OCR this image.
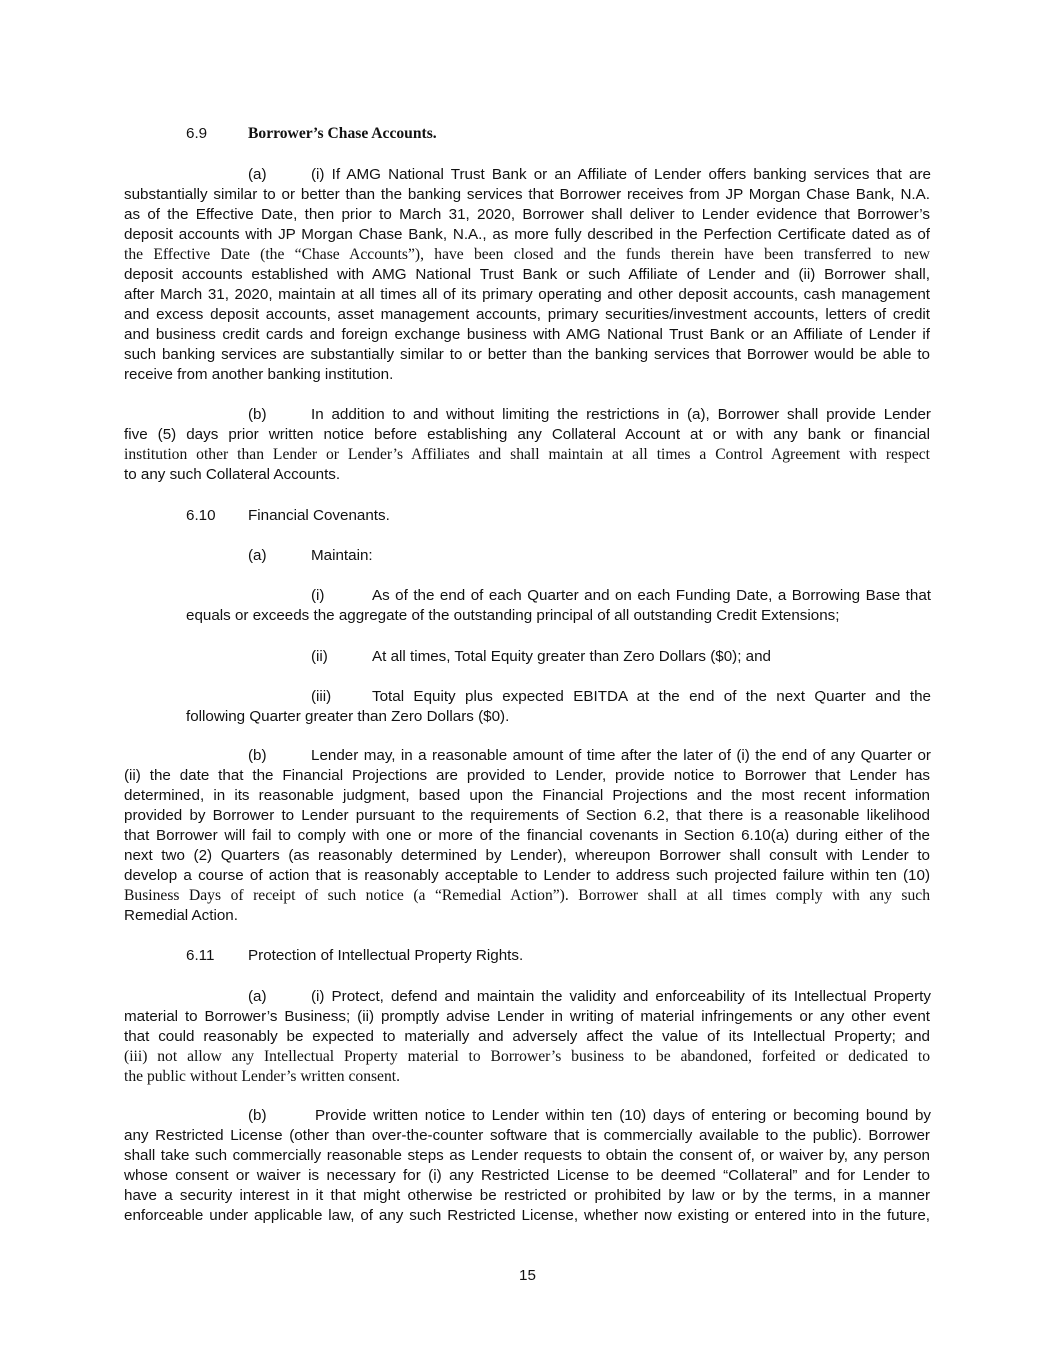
6.9	Borrower’s Chase Accounts.
(a)	(i) If AMG National Trust Bank or an Affiliate of Lender offers banking services that are
substantially similar to or better than the banking services that Borrower receives from JP Morgan Chase Bank, N.A.
as of the Effective Date, then prior to March 31, 2020, Borrower shall deliver to Lender evidence that Borrower’s
deposit accounts with JP Morgan Chase Bank, N.A., as more fully described in the Perfection Certificate dated as of
the Effective Date (the “Chase Accounts”), have been closed and the funds therein have been transferred to new
deposit accounts established with AMG National Trust Bank or such Affiliate of Lender and (ii) Borrower shall,
after March 31, 2020, maintain at all times all of its primary operating and other deposit accounts, cash management
and excess deposit accounts, asset management accounts, primary securities/investment accounts, letters of credit
and business credit cards and foreign exchange business with AMG National Trust Bank or an Affiliate of Lender if
such banking services are substantially similar to or better than the banking services that Borrower would be able to
receive from another banking institution.
(b)	In addition to and without limiting the restrictions in (a), Borrower shall provide Lender
five (5) days prior written notice before establishing any Collateral Account at or with any bank or financial
institution other than Lender or Lender’s Affiliates and shall maintain at all times a Control Agreement with respect
to any such Collateral Accounts.
6.10 Financial Covenants.
(a)	Maintain:
(i)	As of the end of each Quarter and on each Funding Date, a Borrowing Base that
equals or exceeds the aggregate of the outstanding principal of all outstanding Credit Extensions;
(ii)	At all times, Total Equity greater than Zero Dollars ($0); and
(iii)	Total Equity plus expected EBITDA at the end of the next Quarter and the
following Quarter greater than Zero Dollars ($0).
(b)	Lender may, in a reasonable amount of time after the later of (i) the end of any Quarter or
(ii) the date that the Financial Projections are provided to Lender, provide notice to Borrower that Lender has
determined, in its reasonable judgment, based upon the Financial Projections and the most recent information
provided by Borrower to Lender pursuant to the requirements of Section 6.2, that there is a reasonable likelihood
that Borrower will fail to comply with one or more of the financial covenants in Section 6.10(a) during either of the
next two (2) Quarters (as reasonably determined by Lender), whereupon Borrower shall consult with Lender to
develop a course of action that is reasonably acceptable to Lender to address such projected failure within ten (10)
Business Days of receipt of such notice (a “Remedial Action”). Borrower shall at all times comply with any such
Remedial Action.
6.11 Protection of Intellectual Property Rights.
(a)	(i) Protect, defend and maintain the validity and enforceability of its Intellectual Property
material to Borrower’s Business; (ii) promptly advise Lender in writing of material infringements or any other event
that could reasonably be expected to materially and adversely affect the value of its Intellectual Property; and
(iii) not allow any Intellectual Property material to Borrower’s business to be abandoned, forfeited or dedicated to
the public without Lender’s written consent.
(b)	Provide written notice to Lender within ten (10) days of entering or becoming bound by
any Restricted License (other than over-the-counter software that is commercially available to the public). Borrower
shall take such commercially reasonable steps as Lender requests to obtain the consent of, or waiver by, any person
whose consent or waiver is necessary for (i) any Restricted License to be deemed “Collateral” and for Lender to
have a security interest in it that might otherwise be restricted or prohibited by law or by the terms, in a manner
enforceable under applicable law, of any such Restricted License, whether now existing or entered into in the future,
15
